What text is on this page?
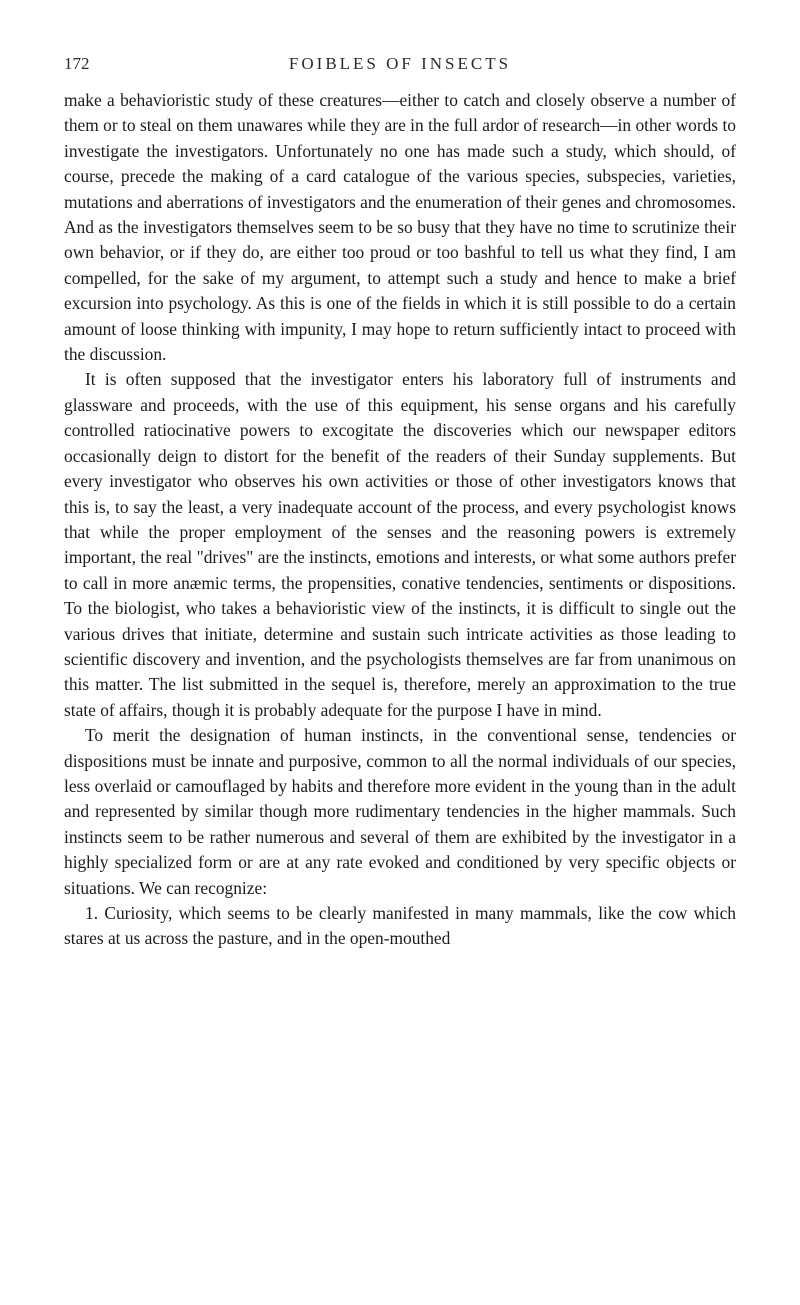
172	FOIBLES OF INSECTS

make a behavioristic study of these creatures—either to catch and closely observe a number of them or to steal on them unawares while they are in the full ardor of research—in other words to investigate the investigators. Unfortunately no one has made such a study, which should, of course, precede the making of a card catalogue of the various species, subspecies, varieties, mutations and aberrations of investigators and the enumeration of their genes and chromosomes. And as the investigators themselves seem to be so busy that they have no time to scrutinize their own behavior, or if they do, are either too proud or too bashful to tell us what they find, I am compelled, for the sake of my argument, to attempt such a study and hence to make a brief excursion into psychology. As this is one of the fields in which it is still possible to do a certain amount of loose thinking with impunity, I may hope to return sufficiently intact to proceed with the discussion.

It is often supposed that the investigator enters his laboratory full of instruments and glassware and proceeds, with the use of this equipment, his sense organs and his carefully controlled ratiocinative powers to excogitate the discoveries which our newspaper editors occasionally deign to distort for the benefit of the readers of their Sunday supplements. But every investigator who observes his own activities or those of other investigators knows that this is, to say the least, a very inadequate account of the process, and every psychologist knows that while the proper employment of the senses and the reasoning powers is extremely important, the real "drives" are the instincts, emotions and interests, or what some authors prefer to call in more anæmic terms, the propensities, conative tendencies, sentiments or dispositions. To the biologist, who takes a behavioristic view of the instincts, it is difficult to single out the various drives that initiate, determine and sustain such intricate activities as those leading to scientific discovery and invention, and the psychologists themselves are far from unanimous on this matter. The list submitted in the sequel is, therefore, merely an approximation to the true state of affairs, though it is probably adequate for the purpose I have in mind.

To merit the designation of human instincts, in the conventional sense, tendencies or dispositions must be innate and purposive, common to all the normal individuals of our species, less overlaid or camouflaged by habits and therefore more evident in the young than in the adult and represented by similar though more rudimentary tendencies in the higher mammals. Such instincts seem to be rather numerous and several of them are exhibited by the investigator in a highly specialized form or are at any rate evoked and conditioned by very specific objects or situations. We can recognize:

1. Curiosity, which seems to be clearly manifested in many mammals, like the cow which stares at us across the pasture, and in the open-mouthed
